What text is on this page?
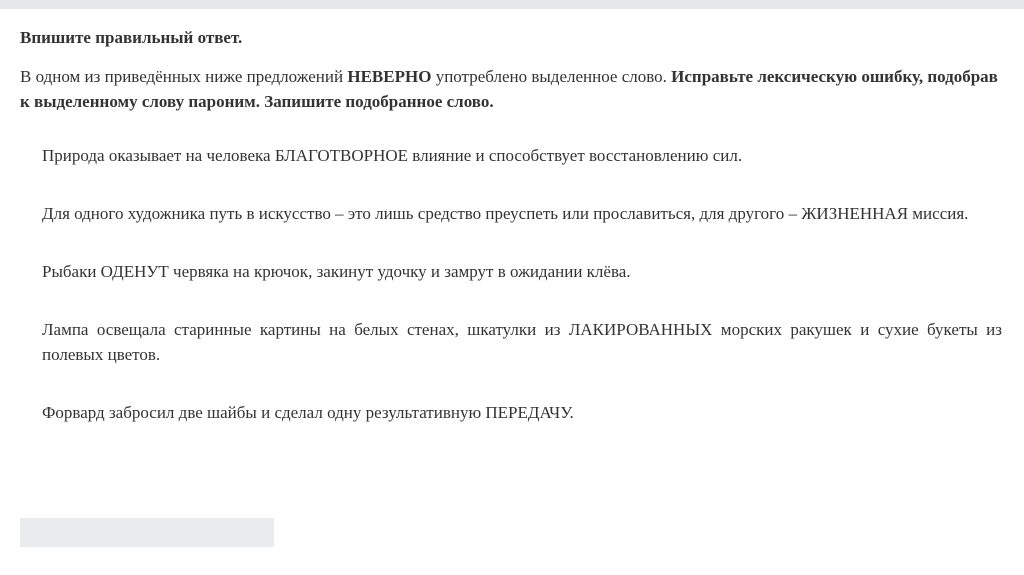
Впишите правильный ответ.

В одном из приведённых ниже предложений НЕВЕРНО употреблено выделенное слово. Исправьте лексическую ошибку, подобрав
к выделенному слову пароним. Запишите подобранное слово.

Природа оказывает на человека БЛАГОТВОРНОЕ влияние и способствует восстановлению сил.

Для одного художника путь в искусство – это лишь средство преуспеть или прославиться, для другого – ЖИЗНЕННАЯ миссия.

Рыбаки ОДЕНУТ червяка на крючок, закинут удочку и замрут в ожидании клёва.

Лампа освещала старинные картины на белых стенах, шкатулки из ЛАКИРОВАННЫХ морских ракушек и сухие букеты из полевых цветов.

Форвард забросил две шайбы и сделал одну результативную ПЕРЕДАЧУ.
